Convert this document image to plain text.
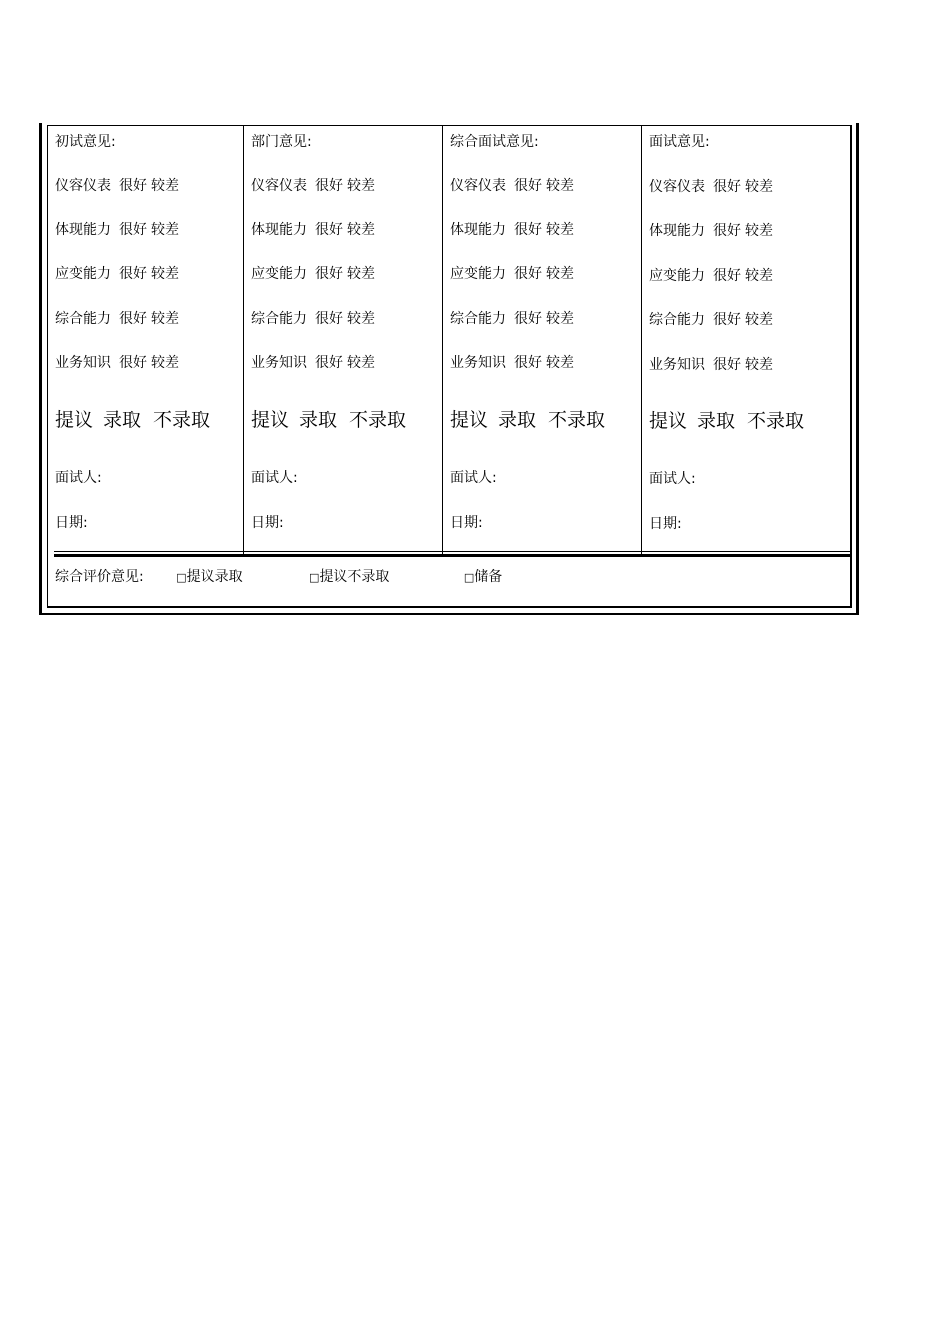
初试意见:
仪容仪表 很好 较差
体现能力 很好 较差
应变能力 很好 较差
综合能力 很好 较差
业务知识 很好 较差
提议 录取 不录取
面试人:
日期:
部门意见:
仪容仪表 很好 较差
体现能力 很好 较差
应变能力 很好 较差
综合能力 很好 较差
业务知识 很好 较差
提议 录取 不录取
面试人:
日期:
综合面试意见:
仪容仪表 很好 较差
体现能力 很好 较差
应变能力 很好 较差
综合能力 很好 较差
业务知识 很好 较差
提议 录取 不录取
面试人:
日期:
面试意见:
仪容仪表 很好 较差
体现能力 很好 较差
应变能力 很好 较差
综合能力 很好 较差
业务知识 很好 较差
提议 录取 不录取
面试人:
日期:
综合评价意见:	□提议录取	□提议不录取	□储备
